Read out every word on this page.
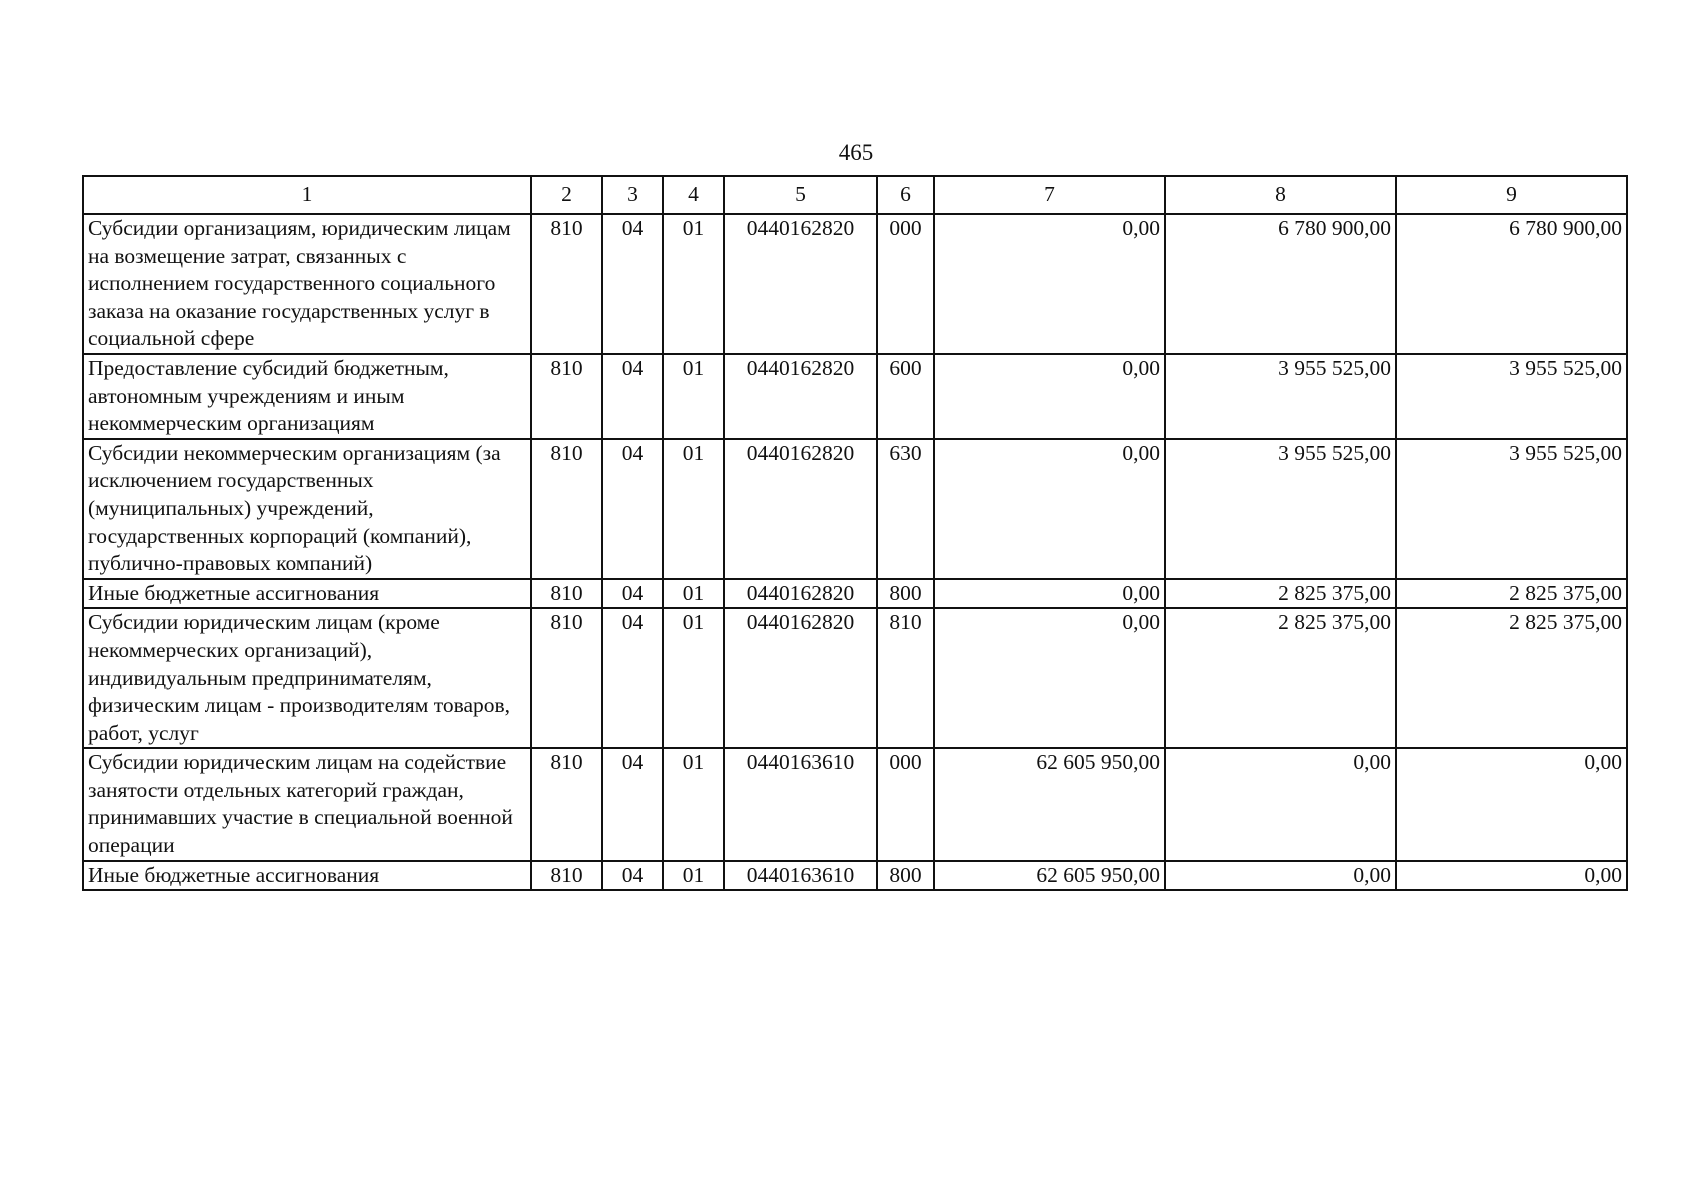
465
1	2	3	4	5	6	7	8	9
Субсидии организациям, юридическим лицам на возмещение затрат, связанных с исполнением государственного социального заказа на оказание государственных услуг в социальной сфере	810	04	01	0440162820	000	0,00	6 780 900,00	6 780 900,00
Предоставление субсидий бюджетным, автономным учреждениям и иным некоммерческим организациям	810	04	01	0440162820	600	0,00	3 955 525,00	3 955 525,00
Субсидии некоммерческим организациям (за исключением государственных (муниципальных) учреждений, государственных корпораций (компаний), публично-правовых компаний)	810	04	01	0440162820	630	0,00	3 955 525,00	3 955 525,00
Иные бюджетные ассигнования	810	04	01	0440162820	800	0,00	2 825 375,00	2 825 375,00
Субсидии юридическим лицам (кроме некоммерческих организаций), индивидуальным предпринимателям, физическим лицам - производителям товаров, работ, услуг	810	04	01	0440162820	810	0,00	2 825 375,00	2 825 375,00
Субсидии юридическим лицам на содействие занятости отдельных категорий граждан, принимавших участие в специальной военной операции	810	04	01	0440163610	000	62 605 950,00	0,00	0,00
Иные бюджетные ассигнования	810	04	01	0440163610	800	62 605 950,00	0,00	0,00
